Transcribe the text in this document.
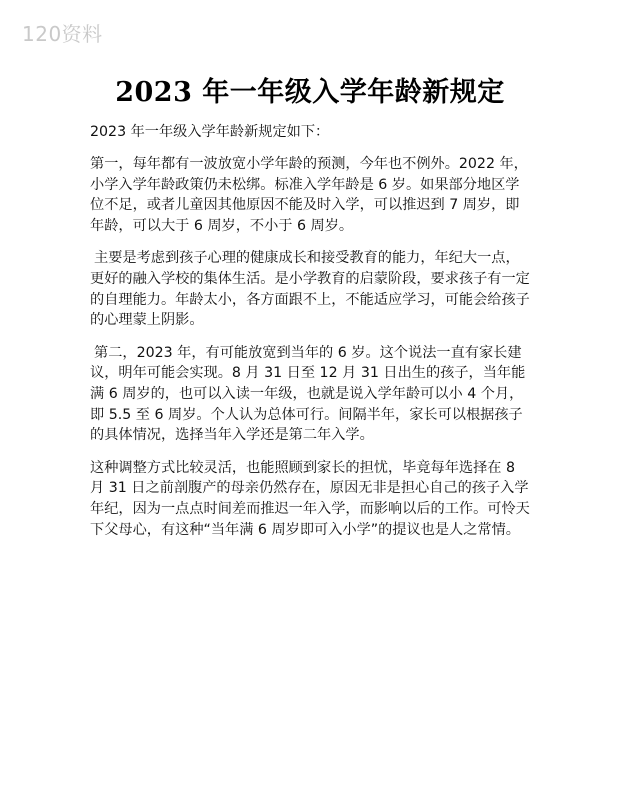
120资料
2023 年一年级入学年龄新规定

2023 年一年级入学年龄新规定如下：

第一，每年都有一波放宽小学年龄的预测，今年也不例外。2022 年，小学入学年龄政策仍未松绑。标准入学年龄是 6 岁。如果部分地区学位不足，或者儿童因其他原因不能及时入学，可以推迟到 7 周岁，即年龄，可以大于 6 周岁，不小于 6 周岁。

主要是考虑到孩子心理的健康成长和接受教育的能力，年纪大一点，更好的融入学校的集体生活。是小学教育的启蒙阶段，要求孩子有一定的自理能力。年龄太小，各方面跟不上，不能适应学习，可能会给孩子的心理蒙上阴影。

第二，2023 年，有可能放宽到当年的 6 岁。这个说法一直有家长建议，明年可能会实现。8 月 31 日至 12 月 31 日出生的孩子，当年能满 6 周岁的，也可以入读一年级，也就是说入学年龄可以小 4 个月，即 5.5 至 6 周岁。个人认为总体可行。间隔半年，家长可以根据孩子的具体情况，选择当年入学还是第二年入学。

这种调整方式比较灵活，也能照顾到家长的担忧，毕竟每年选择在 8 月 31 日之前剖腹产的母亲仍然存在，原因无非是担心自己的孩子入学年纪，因为一点点时间差而推迟一年入学，而影响以后的工作。可怜天下父母心，有这种“当年满 6 周岁即可入小学”的提议也是人之常情。
